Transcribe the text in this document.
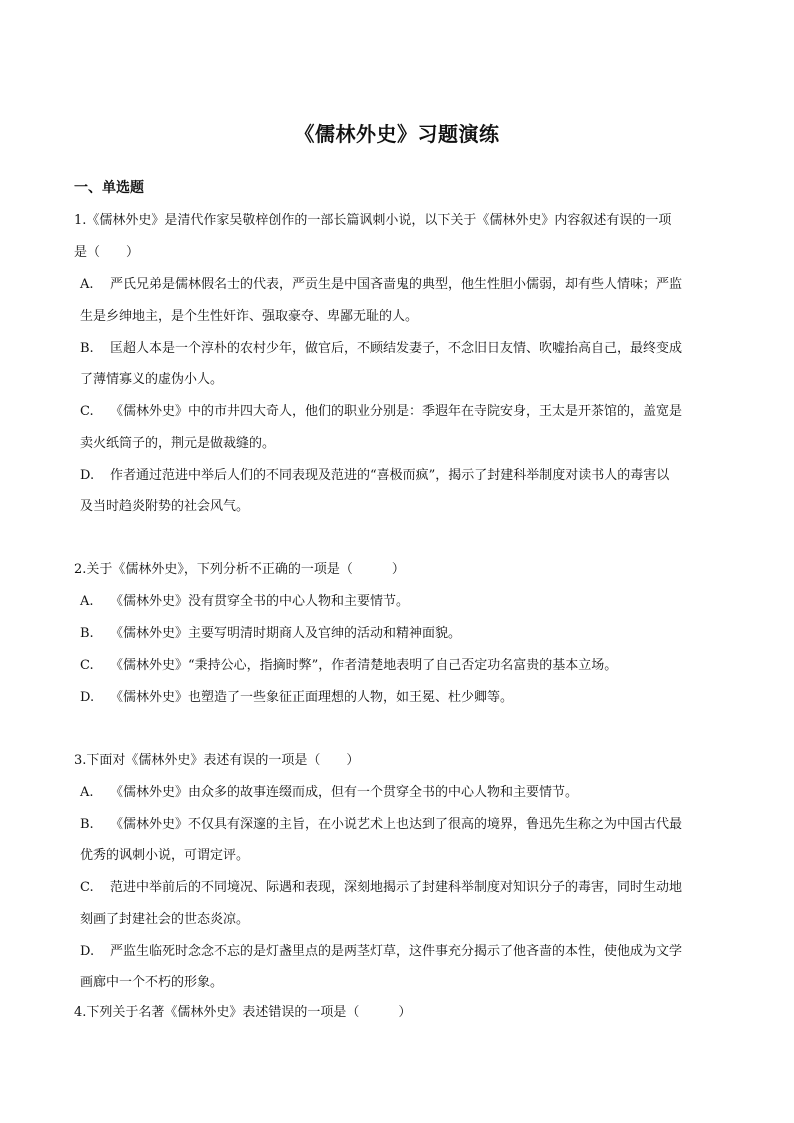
《儒林外史》习题演练
一、单选题
1.《儒林外史》是清代作家吴敬梓创作的一部长篇讽刺小说，以下关于《儒林外史》内容叙述有误的一项
是（　　）
A. 严氏兄弟是儒林假名士的代表，严贡生是中国吝啬鬼的典型，他生性胆小儒弱，却有些人情味；严监
生是乡绅地主，是个生性奸诈、强取豪夺、卑鄙无耻的人。
B. 匡超人本是一个淳朴的农村少年，做官后，不顾结发妻子，不念旧日友情、吹嘘抬高自己，最终变成
了薄情寡义的虚伪小人。
C. 《儒林外史》中的市井四大奇人，他们的职业分别是：季遐年在寺院安身，王太是开茶馆的，盖宽是
卖火纸筒子的，荆元是做裁缝的。
D. 作者通过范进中举后人们的不同表现及范进的“喜极而疯”，揭示了封建科举制度对读书人的毒害以
及当时趋炎附势的社会风气。
2.关于《儒林外史》，下列分析不正确的一项是（　　　）
A. 《儒林外史》没有贯穿全书的中心人物和主要情节。
B. 《儒林外史》主要写明清时期商人及官绅的活动和精神面貌。
C. 《儒林外史》“秉持公心，指摘时弊”，作者清楚地表明了自己否定功名富贵的基本立场。
D. 《儒林外史》也塑造了一些象征正面理想的人物，如王冕、杜少卿等。
3.下面对《儒林外史》表述有误的一项是（　　）
A. 《儒林外史》由众多的故事连缀而成，但有一个贯穿全书的中心人物和主要情节。
B. 《儒林外史》不仅具有深邃的主旨，在小说艺术上也达到了很高的境界，鲁迅先生称之为中国古代最
优秀的讽刺小说，可谓定评。
C. 范进中举前后的不同境况、际遇和表现，深刻地揭示了封建科举制度对知识分子的毒害，同时生动地
刻画了封建社会的世态炎凉。
D. 严监生临死时念念不忘的是灯盏里点的是两茎灯草，这件事充分揭示了他吝啬的本性，使他成为文学
画廊中一个不朽的形象。
4.下列关于名著《儒林外史》表述错误的一项是（　　　）
